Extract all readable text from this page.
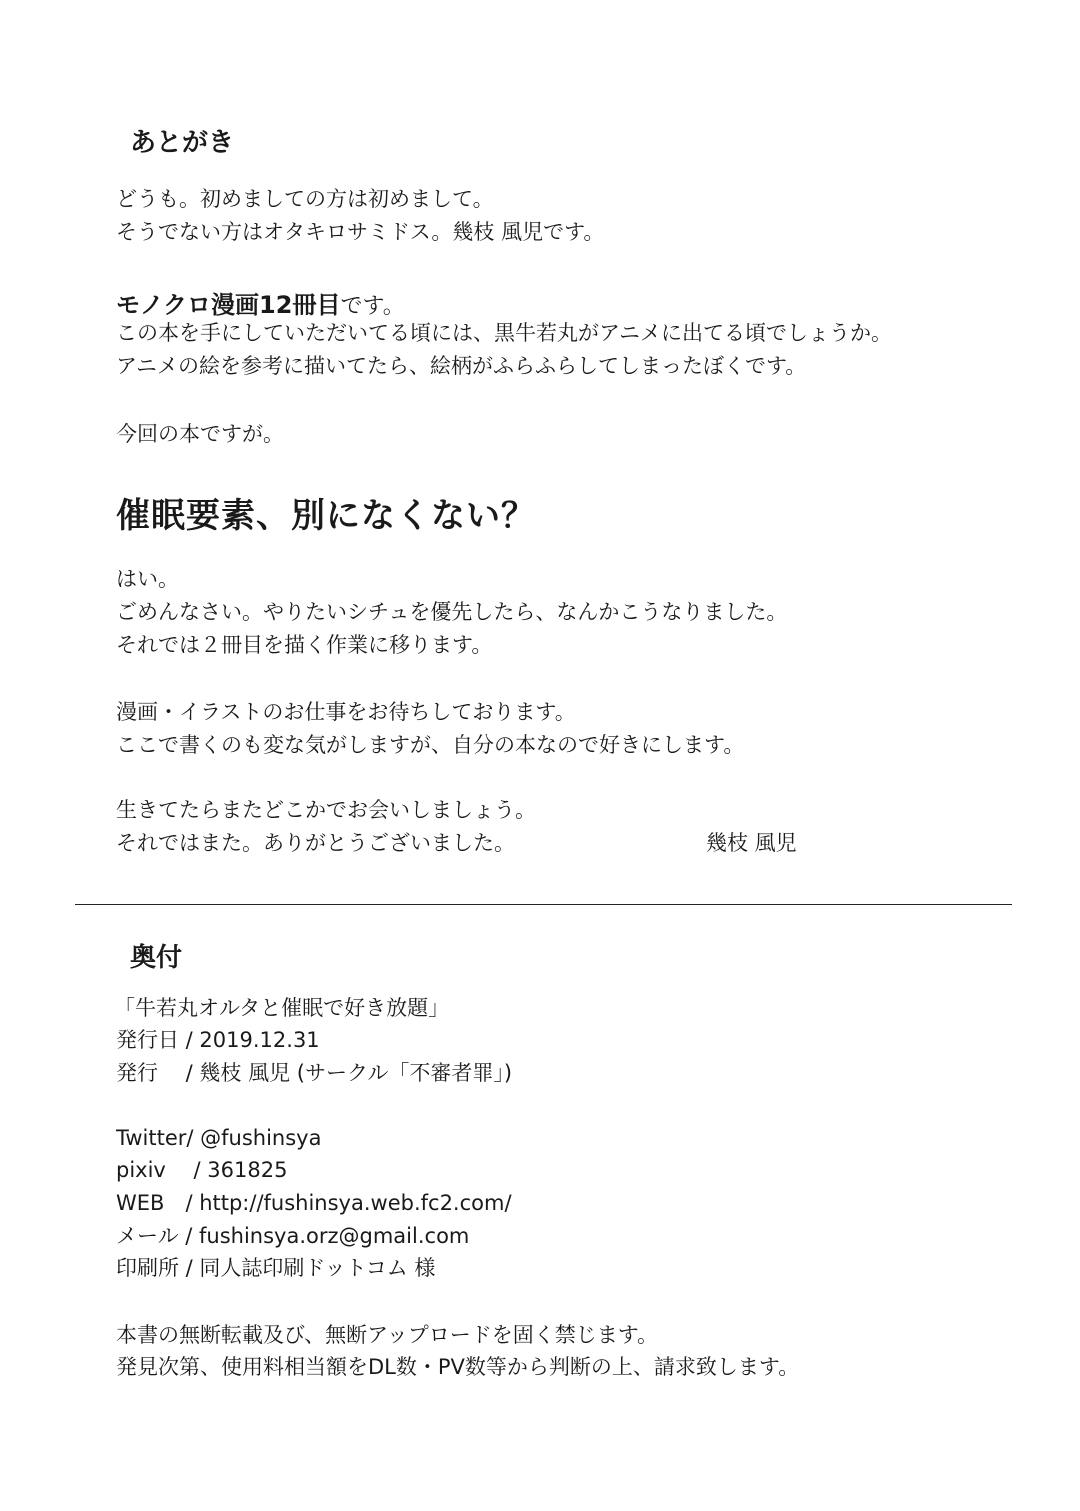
あとがき
どうも。初めましての方は初めまして。
そうでない方はオタキロサミドス。幾枝 風児です。
モノクロ漫画12冊目です。
この本を手にしていただいてる頃には、黒牛若丸がアニメに出てる頃でしょうか。
アニメの絵を参考に描いてたら、絵柄がふらふらしてしまったぼくです。
今回の本ですが。
催眠要素、別になくない？
はい。
ごめんなさい。やりたいシチュを優先したら、なんかこうなりました。
それでは２冊目を描く作業に移ります。
漫画・イラストのお仕事をお待ちしております。
ここで書くのも変な気がしますが、自分の本なので好きにします。
生きてたらまたどこかでお会いしましょう。
それではまた。ありがとうございました。	幾枝 風児
奥付
「牛若丸オルタと催眠で好き放題」
発行日 / 2019.12.31
発行　 / 幾枝 風児 (サークル「不審者罪」)
Twitter/ @fushinsya
pixiv　 / 361825
WEB　/ http://fushinsya.web.fc2.com/
メール / fushinsya.orz@gmail.com
印刷所 / 同人誌印刷ドットコム 様
本書の無断転載及び、無断アップロードを固く禁じます。
発見次第、使用料相当額をDL数・PV数等から判断の上、請求致します。
